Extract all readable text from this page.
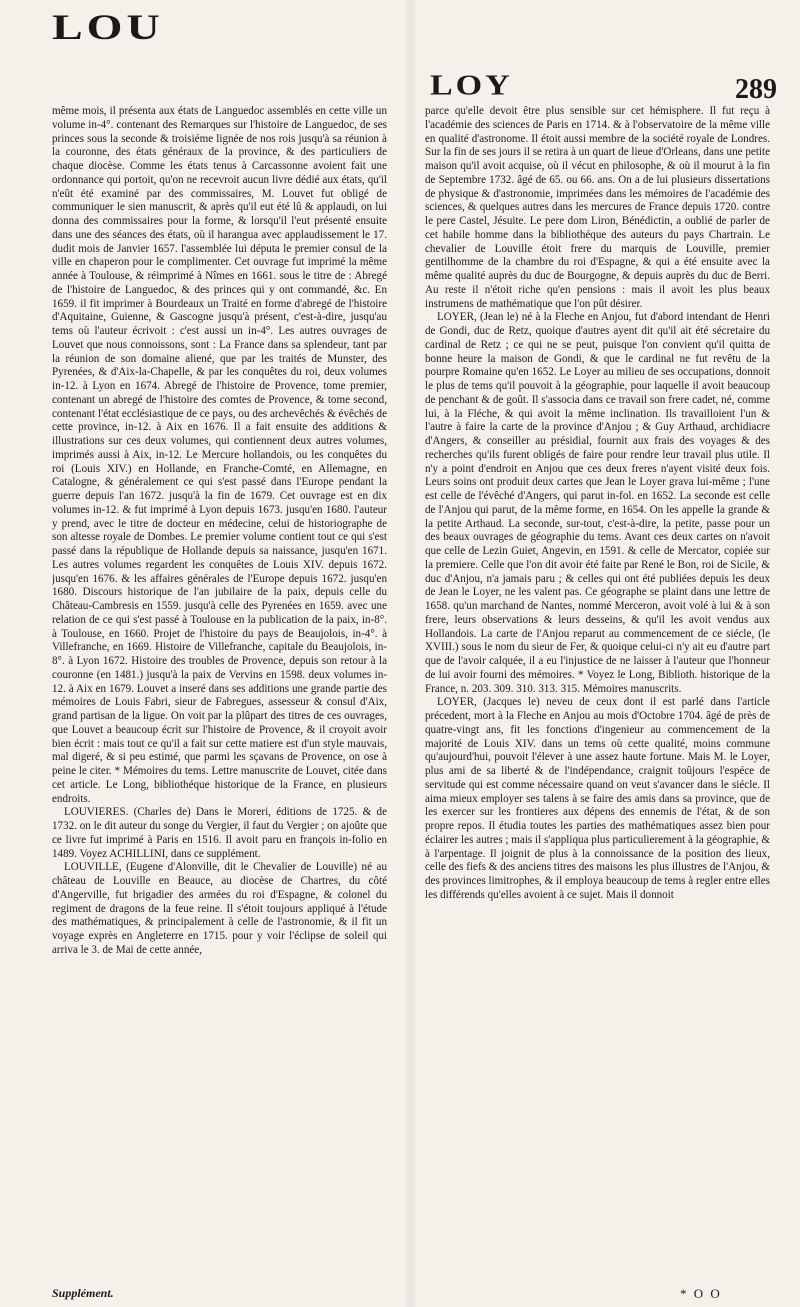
LOU
LOY	289

même mois, il présenta aux états de Languedoc assemblés en cette ville un volume in-4°. contenant des Remarques sur l'histoire de Languedoc, de ses princes sous la seconde & troisiéme lignée de nos rois jusqu'à sa réunion à la couronne, des états généraux de la province, & des particuliers de chaque diocèse. Comme les états tenus à Carcassonne avoient fait une ordonnance qui portoit, qu'on ne recevroit aucun livre dédié aux états, qu'il n'eût été examiné par des commissaires, M. Louvet fut obligé de communiquer le sien manuscrit, & après qu'il eut été lû & applaudi, on lui donna des commissaires pour la forme, & lorsqu'il l'eut présenté ensuite dans une des séances des états, où il harangua avec applaudissement le 17. dudit mois de Janvier 1657. l'assemblée lui députa le premier consul de la ville en chaperon pour le complimenter. Cet ouvrage fut imprimé la même année à Toulouse, & réimprimé à Nîmes en 1661. sous le titre de : Abregé de l'histoire de Languedoc, & des princes qui y ont commandé, &c. En 1659. il fit imprimer à Bourdeaux un Traité en forme d'abregé de l'histoire d'Aquitaine, Guienne, & Gascogne jusqu'à présent, c'est-à-dire, jusqu'au tems où l'auteur écrivoit : c'est aussi un in-4°. Les autres ouvrages de Louvet que nous connoissons, sont : La France dans sa splendeur, tant par la réunion de son domaine aliené, que par les traités de Munster, des Pyrenées, & d'Aix-la-Chapelle, & par les conquêtes du roi, deux volumes in-12. à Lyon en 1674. Abregé de l'histoire de Provence, tome premier, contenant un abregé de l'histoire des comtes de Provence, & tome second, contenant l'état ecclésiastique de ce pays, ou des archevêchés & évêchés de cette province, in-12. à Aix en 1676. Il a fait ensuite des additions & illustrations sur ces deux volumes, qui contiennent deux autres volumes, imprimés aussi à Aix, in-12. Le Mercure hollandois, ou les conquêtes du roi (Louis XIV.) en Hollande, en Franche-Comté, en Allemagne, en Catalogne, & généralement ce qui s'est passé dans l'Europe pendant la guerre depuis l'an 1672. jusqu'à la fin de 1679. Cet ouvrage est en dix volumes in-12. & fut imprimé à Lyon depuis 1673. jusqu'en 1680. l'auteur y prend, avec le titre de docteur en médecine, celui de historiographe de son altesse royale de Dombes. Le premier volume contient tout ce qui s'est passé dans la république de Hollande depuis sa naissance, jusqu'en 1671. Les autres volumes regardent les conquêtes de Louis XIV. depuis 1672. jusqu'en 1676. & les affaires générales de l'Europe depuis 1672. jusqu'en 1680. Discours historique de l'an jubilaire de la paix, depuis celle du Château-Cambresis en 1559. jusqu'à celle des Pyrenées en 1659. avec une relation de ce qui s'est passé à Toulouse en la publication de la paix, in-8°. à Toulouse, en 1660. Projet de l'histoire du pays de Beaujolois, in-4°. à Villefranche, en 1669. Histoire de Villefranche, capitale du Beaujolois, in-8°. à Lyon 1672. Histoire des troubles de Provence, depuis son retour à la couronne (en 1481.) jusqu'à la paix de Vervins en 1598. deux volumes in-12. à Aix en 1679. Louvet a inseré dans ses additions une grande partie des mémoires de Louis Fabri, sieur de Fabregues, assesseur & consul d'Aix, grand partisan de la ligue. On voit par la plûpart des titres de ces ouvrages, que Louvet a beaucoup écrit sur l'histoire de Provence, & il croyoit avoir bien écrit : mais tout ce qu'il a fait sur cette matiere est d'un style mauvais, mal digeré, & si peu estimé, que parmi les sçavans de Provence, on ose à peine le citer. * Mémoires du tems. Lettre manuscrite de Louvet, citée dans cet article. Le Long, bibliothéque historique de la France, en plusieurs endroits.

LOUVIERES. (Charles de) Dans le Moreri, éditions de 1725. & de 1732. on le dit auteur du songe du Vergier, il faut du Vergier ; on ajoûte que ce livre fut imprimé à Paris en 1516. Il avoit paru en françois in-folio en 1489. Voyez ACHILLINI, dans ce supplément.

LOUVILLE, (Eugene d'Alonville, dit le Chevalier de Louville) né au château de Louville en Beauce, au diocèse de Chartres, du côté d'Angerville, fut brigadier des armées du roi d'Espagne, & colonel du regiment de dragons de la feue reine. Il s'étoit toujours appliqué à l'étude des mathématiques, & principalement à celle de l'astronomie, & il fit un voyage exprès en Angleterre en 1715. pour y voir l'éclipse de soleil qui arriva le 3. de Mai de cette année,

parce qu'elle devoit être plus sensible sur cet hémisphere. Il fut reçu à l'académie des sciences de Paris en 1714. & à l'observatoire de la même ville en qualité d'astronome. Il étoit aussi membre de la société royale de Londres. Sur la fin de ses jours il se retira à un quart de lieue d'Orleans, dans une petite maison qu'il avoit acquise, où il vécut en philosophe, & où il mourut à la fin de Septembre 1732. âgé de 65. ou 66. ans. On a de lui plusieurs dissertations de physique & d'astronomie, imprimées dans les mémoires de l'académie des sciences, & quelques autres dans les mercures de France depuis 1720. contre le pere Castel, Jésuite. Le pere dom Liron, Bénédictin, a oublié de parler de cet habile homme dans la bibliothéque des auteurs du pays Chartrain. Le chevalier de Louville étoit frere du marquis de Louville, premier gentilhomme de la chambre du roi d'Espagne, & qui a été ensuite avec la même qualité auprès du duc de Bourgogne, & depuis auprès du duc de Berri. Au reste il n'étoit riche qu'en pensions : mais il avoit les plus beaux instrumens de mathématique que l'on pût désirer.

LOYER, (Jean le) né à la Fleche en Anjou, fut d'abord intendant de Henri de Gondi, duc de Retz, quoique d'autres ayent dit qu'il ait été sécretaire du cardinal de Retz ; ce qui ne se peut, puisque l'on convient qu'il quitta de bonne heure la maison de Gondi, & que le cardinal ne fut revêtu de la pourpre Romaine qu'en 1652. Le Loyer au milieu de ses occupations, donnoit le plus de tems qu'il pouvoit à la géographie, pour laquelle il avoit beaucoup de penchant & de goût. Il s'associa dans ce travail son frere cadet, né, comme lui, à la Fléche, & qui avoit la même inclination. Ils travailloient l'un & l'autre à faire la carte de la province d'Anjou ; & Guy Arthaud, archidiacre d'Angers, & conseiller au présidial, fournit aux frais des voyages & des recherches qu'ils furent obligés de faire pour rendre leur travail plus utile. Il n'y a point d'endroit en Anjou que ces deux freres n'ayent visité deux fois. Leurs soins ont produit deux cartes que Jean le Loyer grava lui-même ; l'une est celle de l'évêché d'Angers, qui parut in-fol. en 1652. La seconde est celle de l'Anjou qui parut, de la même forme, en 1654. On les appelle la grande & la petite Arthaud. La seconde, sur-tout, c'est-à-dire, la petite, passe pour un des beaux ouvrages de géographie du tems. Avant ces deux cartes on n'avoit que celle de Lezin Guiet, Angevin, en 1591. & celle de Mercator, copiée sur la premiere. Celle que l'on dit avoir été faite par René le Bon, roi de Sicile, & duc d'Anjou, n'a jamais paru ; & celles qui ont été publiées depuis les deux de Jean le Loyer, ne les valent pas. Ce géographe se plaint dans une lettre de 1658. qu'un marchand de Nantes, nommé Merceron, avoit volé à lui & à son frere, leurs observations & leurs desseins, & qu'il les avoit vendus aux Hollandois. La carte de l'Anjou reparut au commencement de ce siécle, (le XVIII.) sous le nom du sieur de Fer, & quoique celui-ci n'y ait eu d'autre part que de l'avoir calquée, il a eu l'injustice de ne laisser à l'auteur que l'honneur de lui avoir fourni des mémoires. * Voyez le Long, Biblioth. historique de la France, n. 203. 309. 310. 313. 315. Mémoires manuscrits.

LOYER, (Jacques le) neveu de ceux dont il est parlé dans l'article précedent, mort à la Fleche en Anjou au mois d'Octobre 1704. âgé de près de quatre-vingt ans, fit les fonctions d'ingenieur au commencement de la majorité de Louis XIV. dans un tems où cette qualité, moins commune qu'aujourd'hui, pouvoit l'élever à une assez haute fortune. Mais M. le Loyer, plus ami de sa liberté & de l'indépendance, craignit toûjours l'espéce de servitude qui est comme nécessaire quand on veut s'avancer dans le siécle. Il aima mieux employer ses talens à se faire des amis dans sa province, que de les exercer sur les frontieres aux dépens des ennemis de l'état, & de son propre repos. Il étudia toutes les parties des mathématiques assez bien pour éclairer les autres ; mais il s'appliqua plus particulierement à la géographie, & à l'arpentage. Il joignit de plus à la connoissance de la position des lieux, celle des fiefs & des anciens titres des maisons les plus illustres de l'Anjou, & des provinces limitrophes, & il employa beaucoup de tems à regler entre elles les différends qu'elles avoient à ce sujet. Mais il donnoit

Supplément.	* O O
